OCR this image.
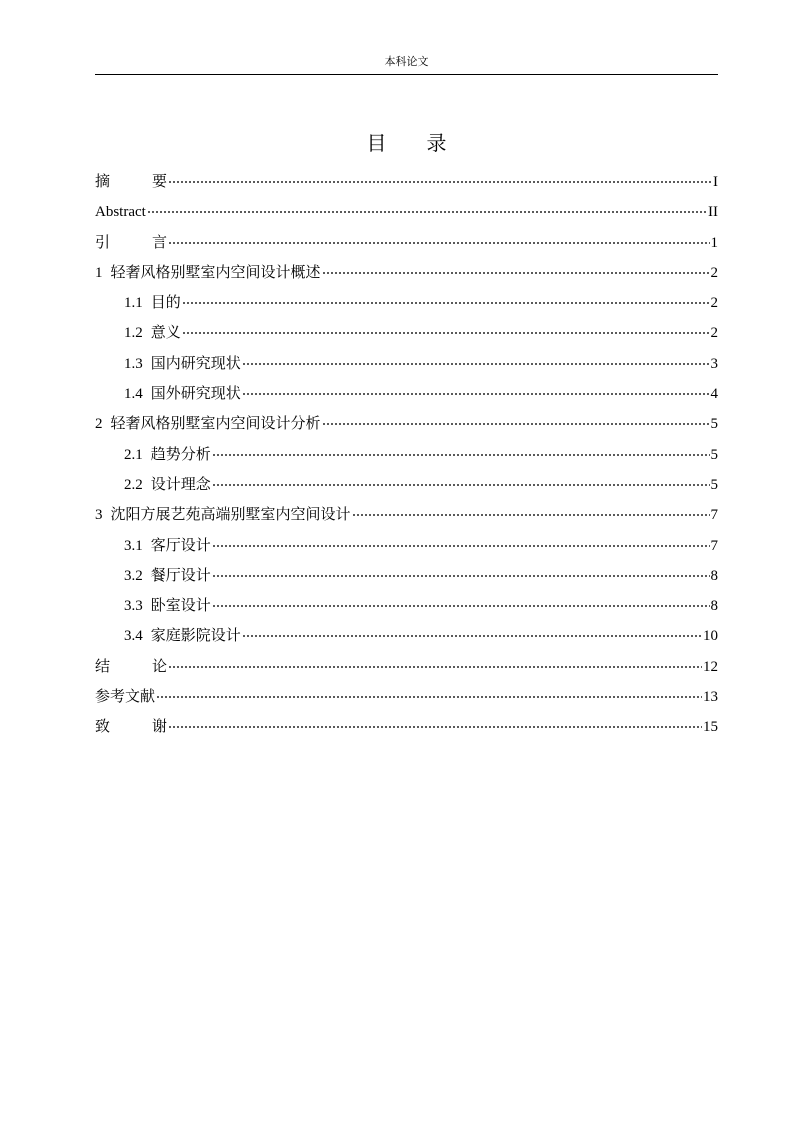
本科论文
目 录
摘	要	I
Abstract	II
引	言	1
1 轻奢风格别墅室内空间设计概述	2
1.1 目的	2
1.2 意义	2
1.3 国内研究现状	3
1.4 国外研究现状	4
2 轻奢风格别墅室内空间设计分析	5
2.1 趋势分析	5
2.2 设计理念	5
3 沈阳方展艺苑高端别墅室内空间设计	7
3.1 客厅设计	7
3.2 餐厅设计	8
3.3 卧室设计	8
3.4 家庭影院设计	10
结	论	12
参考文献	13
致	谢	15
